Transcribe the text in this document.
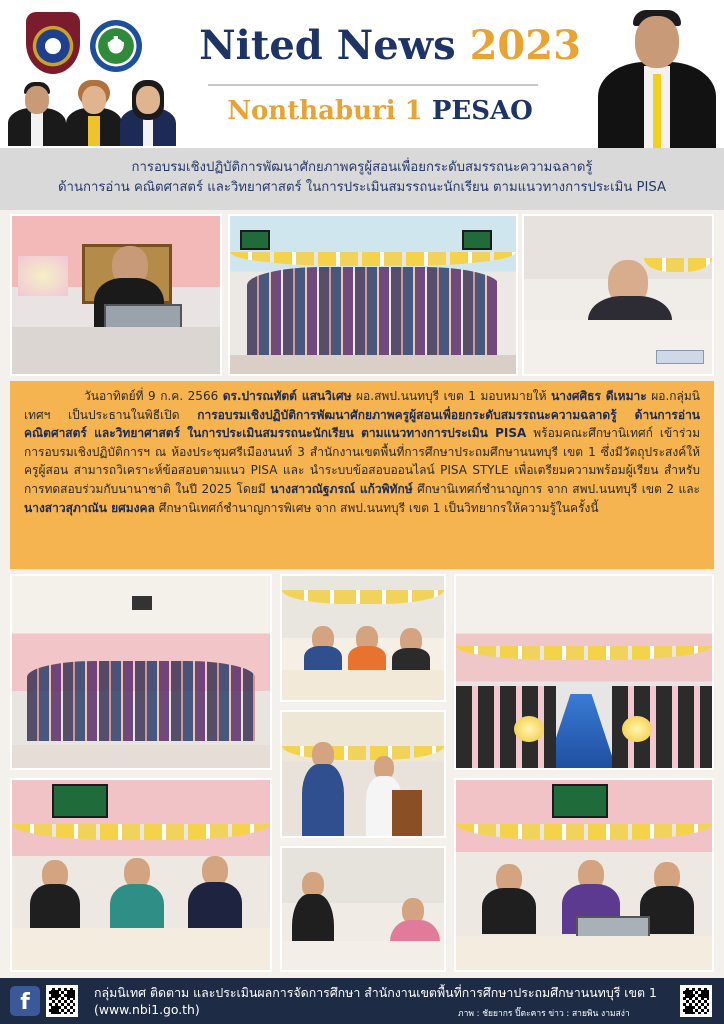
✚
Nited News 2023
Nonthaburi 1 PESAO
การอบรมเชิงปฏิบัติการพัฒนาศักยภาพครูผู้สอนเพื่อยกระดับสมรรถนะความฉลาดรู้
ด้านการอ่าน คณิตศาสตร์ และวิทยาศาสตร์ ในการประเมินสมรรถนะนักเรียน ตามแนวทางการประเมิน PISA

วันอาทิตย์ที่ 9 ก.ค. 2566 ดร.ปารณทัตต์ แสนวิเศษ ผอ.สพป.นนทบุรี เขต 1 มอบหมายให้ นางศศิธร ดีเหมาะ ผอ.กลุ่มนิเทศฯ เป็นประธานในพิธีเปิด การอบรมเชิงปฏิบัติการพัฒนาศักยภาพครูผู้สอนเพื่อยกระดับสมรรถนะความฉลาดรู้ ด้านการอ่าน คณิตศาสตร์ และวิทยาศาสตร์ ในการประเมินสมรรถนะนักเรียน ตามแนวทางการประเมิน PISA พร้อมคณะศึกษานิเทศก์ เข้าร่วมการอบรมเชิงปฏิบัติการฯ ณ ห้องประชุมศรีเมืองนนท์ 3 สำนักงานเขตพื้นที่การศึกษาประถมศึกษานนทบุรี เขต 1 ซึ่งมีวัตถุประสงค์ให้ครูผู้สอน สามารถวิเคราะห์ข้อสอบตามแนว PISA และ นำระบบข้อสอบออนไลน์ PISA STYLE เพื่อเตรียมความพร้อมผู้เรียน สำหรับการทดสอบร่วมกับนานาชาติ ในปี 2025 โดยมี นางสาวณัฐภรณ์ แก้วพิทักษ์ ศึกษานิเทศก์ชำนาญการ จาก สพป.นนทบุรี เขต 2 และ นางสาวสุภาณัน ยศมงคล ศึกษานิเทศก์ชำนาญการพิเศษ จาก สพป.นนทบุรี เขต 1 เป็นวิทยากรให้ความรู้ในครั้งนี้

f	กลุ่มนิเทศ ติดตาม และประเมินผลการจัดการศึกษา สำนักงานเขตพื้นที่การศึกษาประถมศึกษานนทบุรี เขต 1
(www.nbi1.go.th)	ภาพ : ชัยยากร ปิ๊ตะคาร ข่าว : สายพิน งามสง่า
